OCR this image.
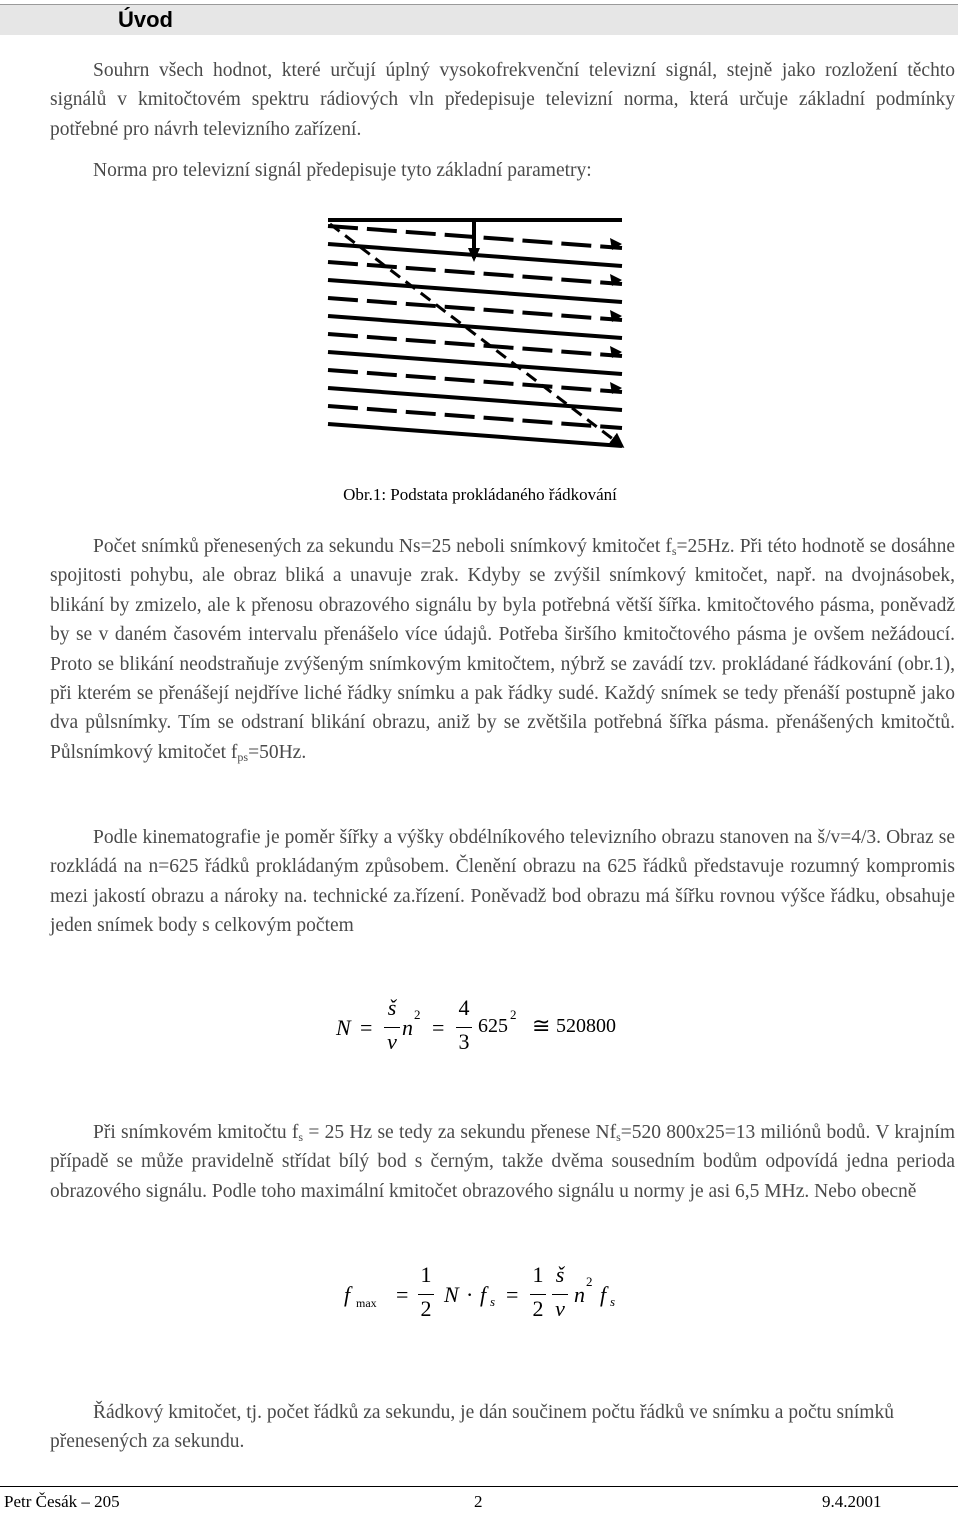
Úvod

Souhrn všech hodnot, které určují úplný vysokofrekvenční televizní signál, stejně jako rozložení těchto signálů v kmitočtovém spektru rádiových vln předepisuje televizní norma, která určuje základní podmínky potřebné pro návrh televizního zařízení.

Norma pro televizní signál předepisuje tyto základní parametry:

Obr.1: Podstata prokládaného řádkování

Počet snímků přenesených za sekundu Ns=25 neboli snímkový kmitočet $f_s=25Hz$. Při této hodnotě se dosáhne spojitosti pohybu, ale obraz bliká a unavuje zrak. Kdyby se zvýšil snímkový kmitočet, např. na dvojnásobek, blikání by zmizelo, ale k přenosu obrazového signálu by byla potřebná větší šířka. kmitočtového pásma, poněvadž by se v daném časovém intervalu přenášelo více údajů. Potřeba širšího kmitočtového pásma je ovšem nežádoucí. Proto se blikání neodstraňuje zvýšeným snímkovým kmitočtem, nýbrž se zavádí tzv. prokládané řádkování (obr.1), při kterém se přenášejí nejdříve liché řádky snímku a pak řádky sudé. Každý snímek se tedy přenáší postupně jako dva půlsnímky. Tím se odstraní blikání obrazu, aniž by se zvětšila potřebná šířka pásma. přenášených kmitočtů. Půlsnímkový kmitočet $f_{ps}=50Hz$.

Podle kinematografie je poměr šířky a výšky obdélníkového televizního obrazu stanoven na š/v=4/3. Obraz se rozkládá na n=625 řádků prokládaným způsobem. Členění obrazu na 625 řádků představuje rozumný kompromis mezi jakostí obrazu a nároky na. technické za.řízení. Poněvadž bod obrazu má šířku rovnou výšce řádku, obsahuje jeden snímek body s celkovým počtem

N =
š
v
n
2
=
4
3
625
2 ≅ 520800

Při snímkovém kmitočtu $f_s = 25$ Hz se tedy za sekundu přenese $Nf_s=520$ 800x25=13 miliónů bodů. V krajním případě se může pravidelně střídat bílý bod s černým, takže dvěma sousedním bodům odpovídá jedna perioda obrazového signálu. Podle toho maximální kmitočet obrazového signálu u normy je asi 6,5 MHz. Nebo obecně

f max =
1
2
N · f s =
1
2
š
v
n
2
f s

Řádkový kmitočet, tj. počet řádků za sekundu, je dán součinem počtu řádků ve snímku a počtu snímků přenesených za sekundu.

Petr Česák – 205	2	9.4.2001
